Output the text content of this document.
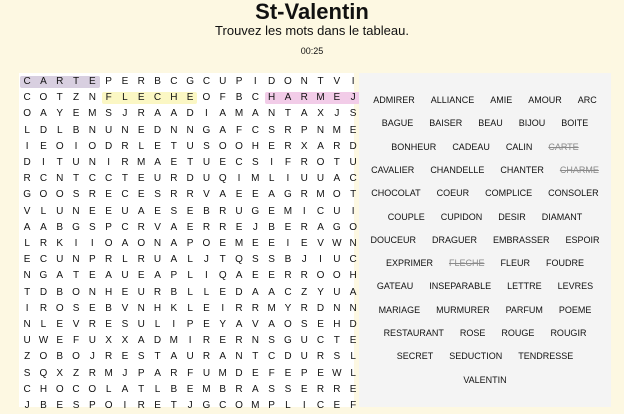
St-Valentin
Trouvez les mots dans le tableau.
00:25
C A R T E P E R B C G C U P	I	D O N T V	I
C O T	Z N F	L	E C H E O F B C H A R M E	J
O A Y E M S	J	R A A D	I	A M A N T A X	J	S
L D L	B N U N E D N N G A F C S R P N M E
I	E O	I	O D R L	E T U S O O H E R X A R D
D	I	T U N	I	R M A E T U E C S	I	F R O T U
R C N T C C T E U R D U Q	I	M L	I	U U A C
G O O S R E C E S R R V A E E A G R M O T
V	L U N E E U A E S E B R U G E M	I	C U	I
A A B G S P C R V A E R R E	J	B E R A G O
L R K	I	I	O A O N A P O E M E E	I	E V W N
E C U N P R L R U A	L	J	T Q S S B	J	I	U C
N G A T E A U E A P	L	I	Q A E E R R O O H
T D B O N H E U R B	L	L	E D A A C Z Y U A
I	R O S E B V N H K	L	E	I	R R M Y R D N N
N L	E V R E S U L	I	P E Y A V A O S E H D
U W E F U X X A D M	I	R E R N S G U C T E
Z O B O J	R E S T A U R A N T C D U R S	L
S Q X Z R M J	P A R F U M D E F E P E W L
C H O C O L	A T	L	B E M B R A S S E R R E
J	B E S P O	I	R E T	J G C O M P	L	I	C E F
ADMIRER ALLIANCE AMIE AMOUR ARC
BAGUE BAISER BEAU BIJOU BOITE
BONHEUR CADEAU CALIN CARTE
CAVALIER CHANDELLE CHANTER CHARME
CHOCOLAT COEUR COMPLICE CONSOLER
COUPLE CUPIDON DESIR DIAMANT
DOUCEUR DRAGUER EMBRASSER ESPOIR
EXPRIMER FLECHE FLEUR FOUDRE
GATEAU INSEPARABLE LETTRE LEVRES
MARIAGE MURMURER PARFUM POEME
RESTAURANT ROSE ROUGE ROUGIR
SECRET SEDUCTION TENDRESSE
VALENTIN
